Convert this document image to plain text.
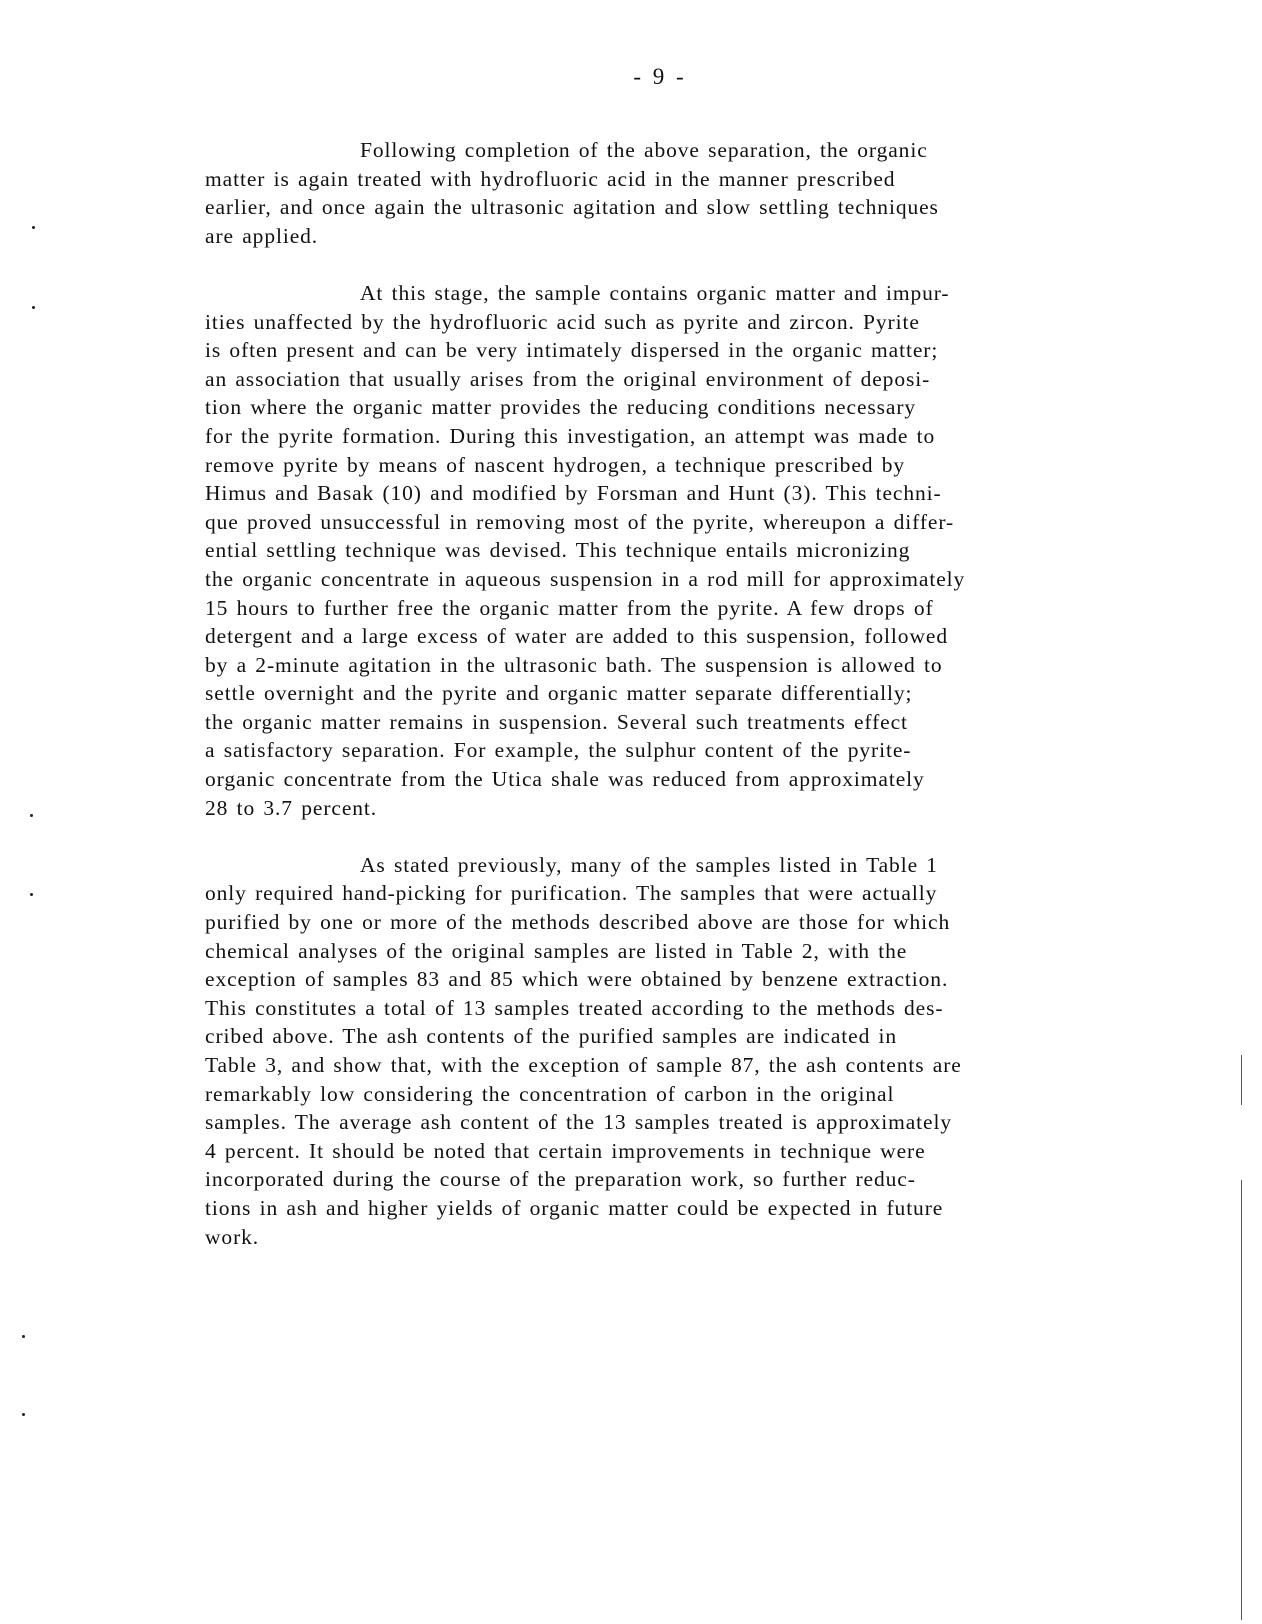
- 9 -
Following completion of the above separation, the organic
matter is again treated with hydrofluoric acid in the manner prescribed
earlier, and once again the ultrasonic agitation and slow settling techniques
are applied.
At this stage, the sample contains organic matter and impur-
ities unaffected by the hydrofluoric acid such as pyrite and zircon. Pyrite
is often present and can be very intimately dispersed in the organic matter;
an association that usually arises from the original environment of deposi-
tion where the organic matter provides the reducing conditions necessary
for the pyrite formation. During this investigation, an attempt was made to
remove pyrite by means of nascent hydrogen, a technique prescribed by
Himus and Basak (10) and modified by Forsman and Hunt (3). This techni-
que proved unsuccessful in removing most of the pyrite, whereupon a differ-
ential settling technique was devised. This technique entails micronizing
the organic concentrate in aqueous suspension in a rod mill for approximately
15 hours to further free the organic matter from the pyrite. A few drops of
detergent and a large excess of water are added to this suspension, followed
by a 2-minute agitation in the ultrasonic bath. The suspension is allowed to
settle overnight and the pyrite and organic matter separate differentially;
the organic matter remains in suspension. Several such treatments effect
a satisfactory separation. For example, the sulphur content of the pyrite-
organic concentrate from the Utica shale was reduced from approximately
28 to 3.7 percent.
As stated previously, many of the samples listed in Table 1
only required hand-picking for purification. The samples that were actually
purified by one or more of the methods described above are those for which
chemical analyses of the original samples are listed in Table 2, with the
exception of samples 83 and 85 which were obtained by benzene extraction.
This constitutes a total of 13 samples treated according to the methods des-
cribed above. The ash contents of the purified samples are indicated in
Table 3, and show that, with the exception of sample 87, the ash contents are
remarkably low considering the concentration of carbon in the original
samples. The average ash content of the 13 samples treated is approximately
4 percent. It should be noted that certain improvements in technique were
incorporated during the course of the preparation work, so further reduc-
tions in ash and higher yields of organic matter could be expected in future
work.
